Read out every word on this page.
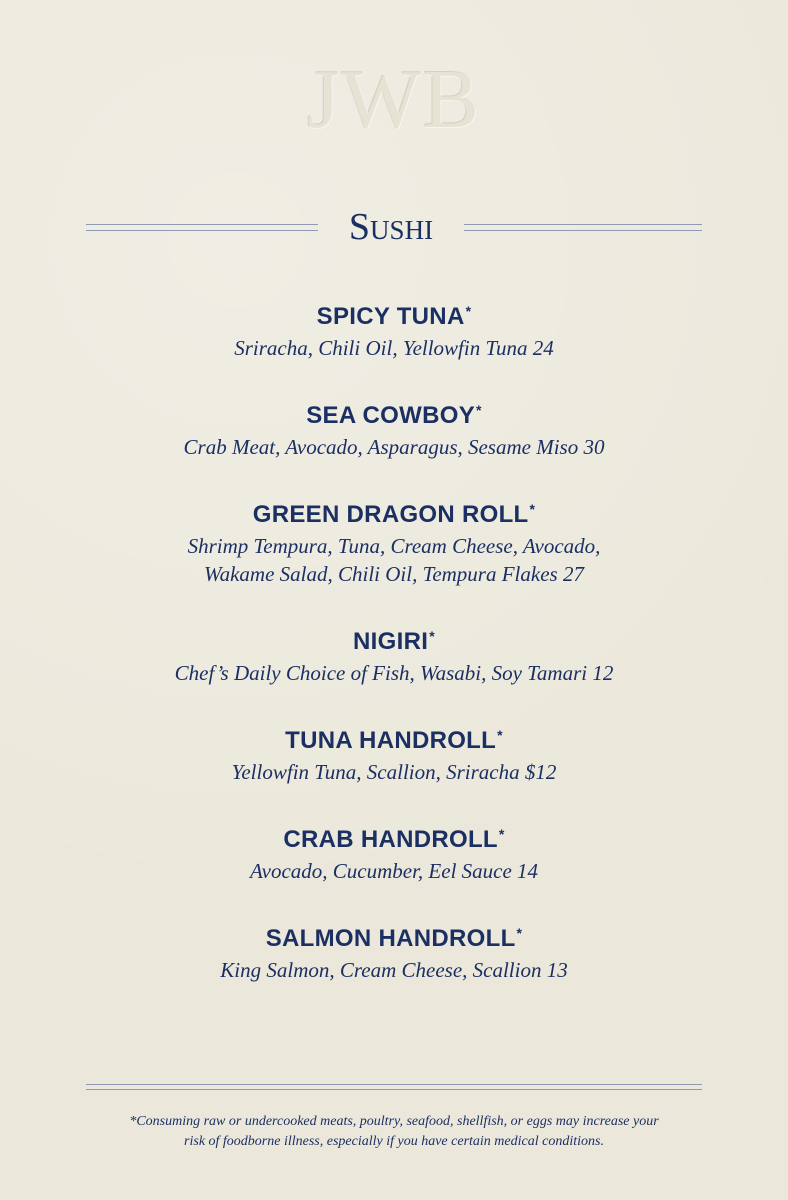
JWB
Sushi
SPICY TUNA*
Sriracha, Chili Oil, Yellowfin Tuna 24
SEA COWBOY*
Crab Meat, Avocado, Asparagus, Sesame Miso 30
GREEN DRAGON ROLL*
Shrimp Tempura, Tuna, Cream Cheese, Avocado,
Wakame Salad, Chili Oil, Tempura Flakes 27
NIGIRI*
Chef’s Daily Choice of Fish, Wasabi, Soy Tamari 12
TUNA HANDROLL*
Yellowfin Tuna, Scallion, Sriracha $12
CRAB HANDROLL*
Avocado, Cucumber, Eel Sauce 14
SALMON HANDROLL*
King Salmon, Cream Cheese, Scallion 13
*Consuming raw or undercooked meats, poultry, seafood, shellfish, or eggs may increase your
risk of foodborne illness, especially if you have certain medical conditions.
